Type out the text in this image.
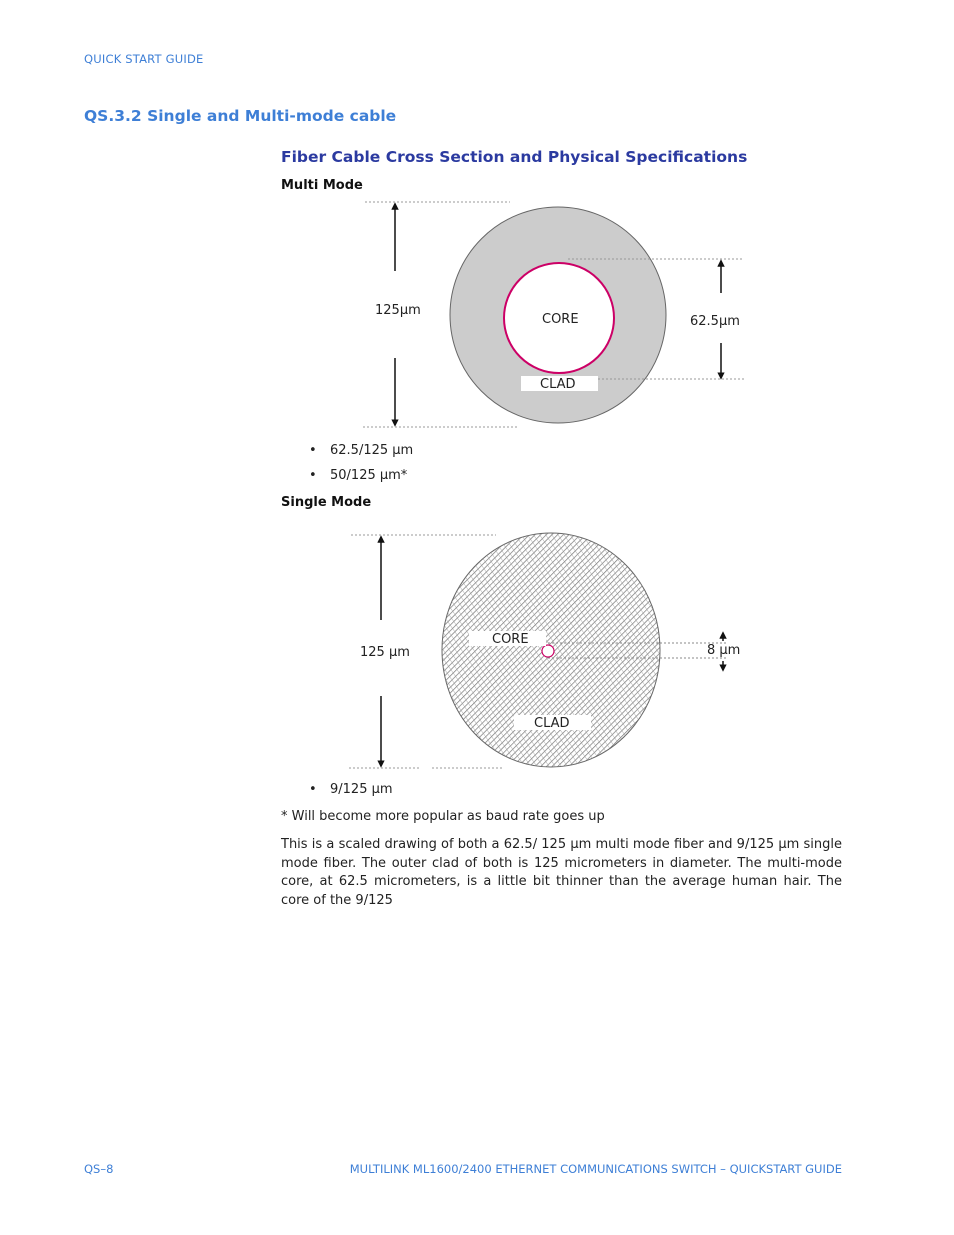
QUICK START GUIDE
QS.3.2 Single and Multi-mode cable
Fiber Cable Cross Section and Physical Specifications
Multi Mode
125µm
62.5µm
CORE
CLAD
125 µm	8 µm
CORE
CLAD
• 62.5/125 µm
• 50/125 µm*
Single Mode
• 9/125 µm
* Will become more popular as baud rate goes up
This is a scaled drawing of both a 62.5/ 125 µm multi mode fiber and 9/125 µm single mode fiber. The outer clad of both is 125 micrometers in diameter. The multi-mode core, at 62.5 micrometers, is a little bit thinner than the average human hair. The core of the 9/125
QS–8	MULTILINK ML1600/2400 ETHERNET COMMUNICATIONS SWITCH – QUICKSTART GUIDE
